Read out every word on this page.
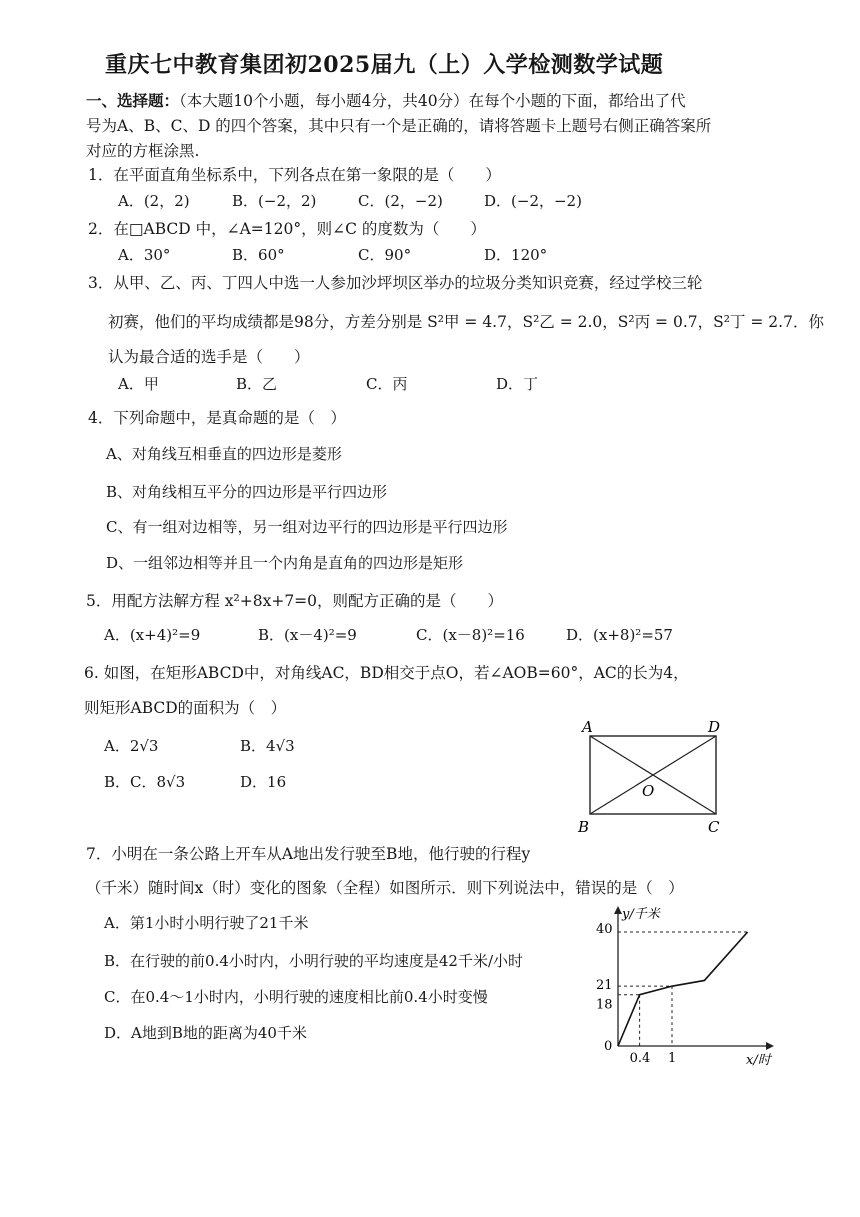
重庆七中教育集团初2025届九（上）入学检测数学试题
一、选择题：（本大题10个小题，每小题4分，共40分）在每个小题的下面，都给出了代
号为A、B、C、D 的四个答案，其中只有一个是正确的，请将答题卡上题号右侧正确答案所
对应的方框涂黑.
1．在平面直角坐标系中，下列各点在第一象限的是（　　）
A．(2，2)	B．(−2，2)	C．(2，−2)	D．(−2，−2)
2．在□ABCD 中，∠A=120°，则∠C 的度数为（　　）
A．30°	B．60°	C．90°	D．120°
3．从甲、乙、丙、丁四人中选一人参加沙坪坝区举办的垃圾分类知识竞赛，经过学校三轮
初赛，他们的平均成绩都是98分，方差分别是 S²甲 = 4.7，S²乙 = 2.0，S²丙 = 0.7，S²丁 = 2.7．你
认为最合适的选手是（　　）
A．甲	B．乙	C．丙	D．丁
4．下列命题中，是真命题的是（　）
A、对角线互相垂直的四边形是菱形
B、对角线相互平分的四边形是平行四边形
C、有一组对边相等，另一组对边平行的四边形是平行四边形
D、一组邻边相等并且一个内角是直角的四边形是矩形
5．用配方法解方程 x²+8x+7=0，则配方正确的是（　　）
A．(x+4)²=9	B．(x－4)²=9	C．(x－8)²=16	D．(x+8)²=57
6. 如图，在矩形ABCD中，对角线AC，BD相交于点O，若∠AOB=60°，AC的长为4，
则矩形ABCD的面积为（　）
A．2√3	B．4√3
B．C．8√3	D．16
A	D
B	C
O
7．小明在一条公路上开车从A地出发行驶至B地，他行驶的行程y
（千米）随时间x（时）变化的图象（全程）如图所示．则下列说法中，错误的是（　）
A．第1小时小明行驶了21千米
B．在行驶的前0.4小时内，小明行驶的平均速度是42千米/小时
C．在0.4～1小时内，小明行驶的速度相比前0.4小时变慢
D．A地到B地的距离为40千米
y/千米
x/时
0
0.4 1
40
21
18
